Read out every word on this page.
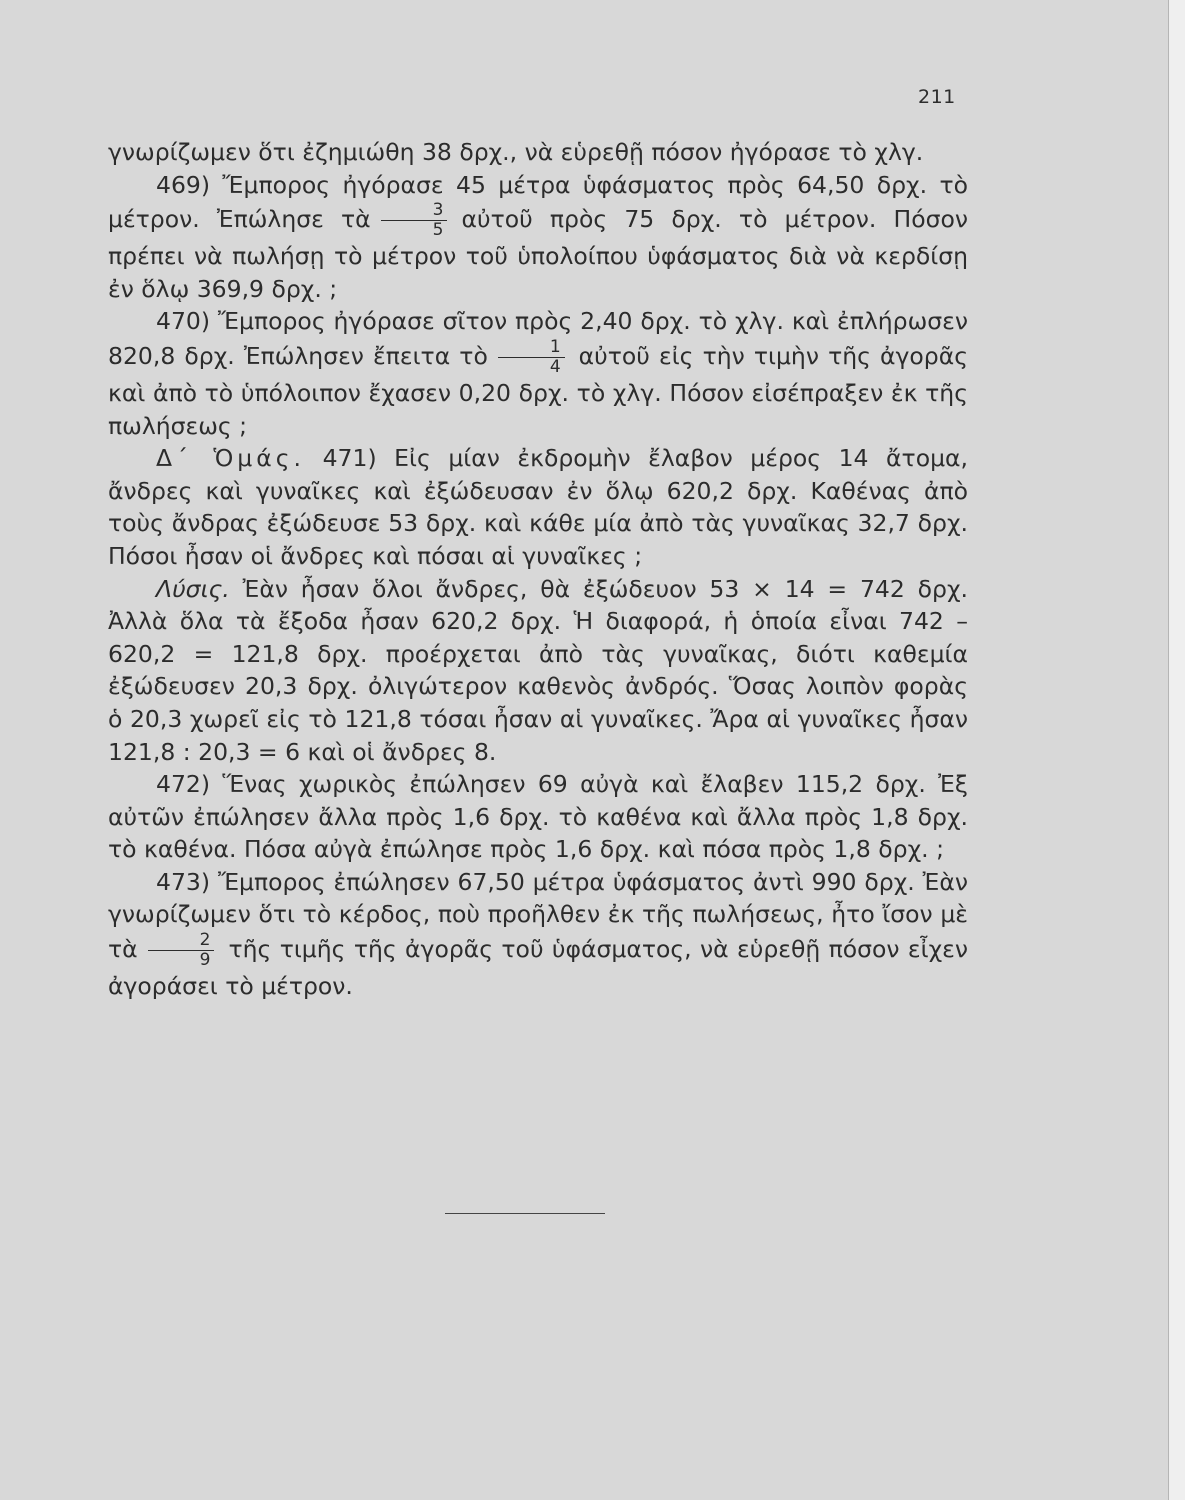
211

γνωρίζωμεν ὅτι ἐζημιώθη 38 δρχ., νὰ εὑρεθῇ πόσον ἠγόρασε τὸ χλγ.

469) Ἔμπορος ἠγόρασε 45 μέτρα ὑφάσματος πρὸς 64,50 δρχ. τὸ μέτρον. Ἐπώλησε τὰ $\frac{3}{5}$ αὐτοῦ πρὸς 75 δρχ. τὸ μέτρον. Πόσον πρέπει νὰ πωλήσῃ τὸ μέτρον τοῦ ὑπολοίπου ὑφάσματος διὰ νὰ κερδίσῃ ἐν ὅλῳ 369,9 δρχ. ;

470) Ἔμπορος ἠγόρασε σῖτον πρὸς 2,40 δρχ. τὸ χλγ. καὶ ἐπλήρωσεν 820,8 δρχ. Ἐπώλησεν ἔπειτα τὸ $\frac{1}{4}$ αὐτοῦ εἰς τὴν τιμὴν τῆς ἀγορᾶς καὶ ἀπὸ τὸ ὑπόλοιπον ἔχασεν 0,20 δρχ. τὸ χλγ. Πόσον εἰσέπραξεν ἐκ τῆς πωλήσεως ;

Δ΄ Ὁμάς. 471) Εἰς μίαν ἐκδρομὴν ἔλαβον μέρος 14 ἄτομα, ἄνδρες καὶ γυναῖκες καὶ ἐξώδευσαν ἐν ὅλῳ 620,2 δρχ. Καθένας ἀπὸ τοὺς ἄνδρας ἐξώδευσε 53 δρχ. καὶ κάθε μία ἀπὸ τὰς γυναῖκας 32,7 δρχ. Πόσοι ἦσαν οἱ ἄνδρες καὶ πόσαι αἱ γυναῖκες ;

Λύσις. Ἐὰν ἦσαν ὅλοι ἄνδρες, θὰ ἐξώδευον 53 × 14 = 742 δρχ. Ἀλλὰ ὅλα τὰ ἔξοδα ἦσαν 620,2 δρχ. Ἡ διαφορά, ἡ ὁποία εἶναι 742 – 620,2 = 121,8 δρχ. προέρχεται ἀπὸ τὰς γυναῖκας, διότι καθεμία ἐξώδευσεν 20,3 δρχ. ὀλιγώτερον καθενὸς ἀνδρός. Ὅσας λοιπὸν φορὰς ὁ 20,3 χωρεῖ εἰς τὸ 121,8 τόσαι ἦσαν αἱ γυναῖκες. Ἄρα αἱ γυναῖκες ἦσαν 121,8 : 20,3 = 6 καὶ οἱ ἄνδρες 8.

472) Ἕνας χωρικὸς ἐπώλησεν 69 αὐγὰ καὶ ἔλαβεν 115,2 δρχ. Ἐξ αὐτῶν ἐπώλησεν ἄλλα πρὸς 1,6 δρχ. τὸ καθένα καὶ ἄλλα πρὸς 1,8 δρχ. τὸ καθένα. Πόσα αὐγὰ ἐπώλησε πρὸς 1,6 δρχ. καὶ πόσα πρὸς 1,8 δρχ. ;

473) Ἔμπορος ἐπώλησεν 67,50 μέτρα ὑφάσματος ἀντὶ 990 δρχ. Ἐὰν γνωρίζωμεν ὅτι τὸ κέρδος, ποὺ προῆλθεν ἐκ τῆς πωλήσεως, ἦτο ἴσον μὲ τὰ $\frac{2}{9}$ τῆς τιμῆς τῆς ἀγορᾶς τοῦ ὑφάσματος, νὰ εὑρεθῇ πόσον εἶχεν ἀγοράσει τὸ μέτρον.
